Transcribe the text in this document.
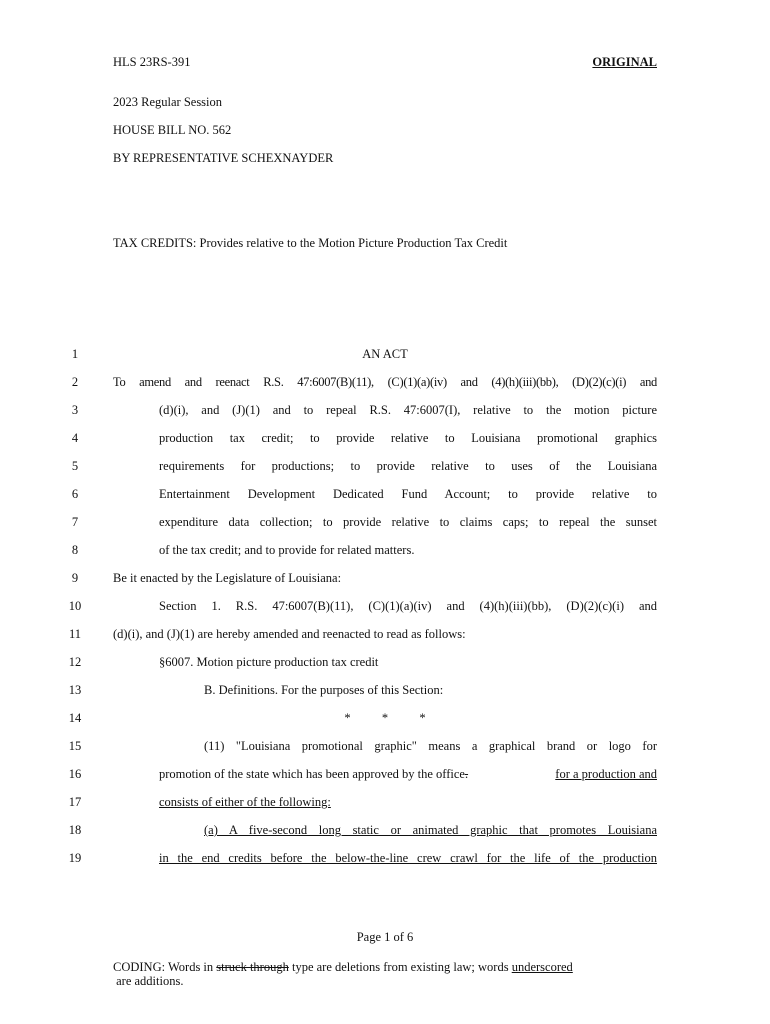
HLS 23RS-391	ORIGINAL
2023 Regular Session
HOUSE BILL NO. 562
BY REPRESENTATIVE SCHEXNAYDER
TAX CREDITS: Provides relative to the Motion Picture Production Tax Credit
1	AN ACT
2	To amend and reenact R.S. 47:6007(B)(11), (C)(1)(a)(iv) and (4)(h)(iii)(bb), (D)(2)(c)(i) and
3	(d)(i), and (J)(1) and to repeal R.S. 47:6007(I), relative to the motion picture
4	production tax credit; to provide relative to Louisiana promotional graphics
5	requirements for productions; to provide relative to uses of the Louisiana
6	Entertainment Development Dedicated Fund Account; to provide relative to
7	expenditure data collection; to provide relative to claims caps; to repeal the sunset
8	of the tax credit; and to provide for related matters.
9	Be it enacted by the Legislature of Louisiana:
10	Section 1. R.S. 47:6007(B)(11), (C)(1)(a)(iv) and (4)(h)(iii)(bb), (D)(2)(c)(i) and
11	(d)(i), and (J)(1) are hereby amended and reenacted to read as follows:
12	§6007. Motion picture production tax credit
13	B. Definitions. For the purposes of this Section:
14	*          *          *
15	(11) "Louisiana promotional graphic" means a graphical brand or logo for
16	promotion of the state which has been approved by the office.	for a production and
17	consists of either of the following:
18	(a) A five-second long static or animated graphic that promotes Louisiana
19	in the end credits before the below-the-line crew crawl for the life of the production
Page 1 of 6
CODING: Words in struck through type are deletions from existing law; words underscored
are additions.
